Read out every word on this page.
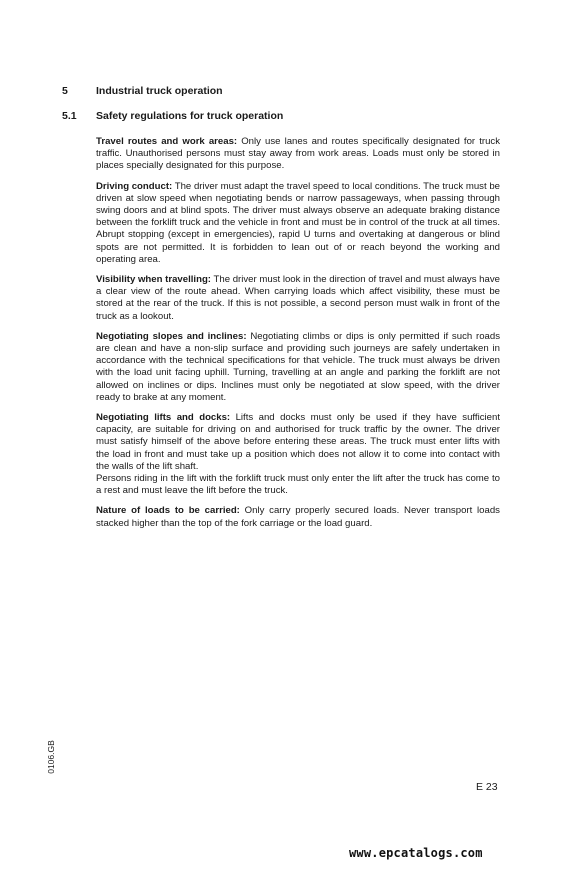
5	Industrial truck operation
5.1 Safety regulations for truck operation

Travel routes and work areas: Only use lanes and routes specifically designated for truck traffic. Unauthorised persons must stay away from work areas. Loads must only be stored in places specially designated for this purpose.

Driving conduct: The driver must adapt the travel speed to local conditions. The truck must be driven at slow speed when negotiating bends or narrow passageways, when passing through swing doors and at blind spots. The driver must always observe an adequate braking distance between the forklift truck and the vehicle in front and must be in control of the truck at all times. Abrupt stopping (except in emergencies), rapid U turns and overtaking at dangerous or blind spots are not permitted. It is forbidden to lean out of or reach beyond the working and operating area.

Visibility when travelling: The driver must look in the direction of travel and must always have a clear view of the route ahead. When carrying loads which affect visibility, these must be stored at the rear of the truck. If this is not possible, a second person must walk in front of the truck as a lookout.

Negotiating slopes and inclines: Negotiating climbs or dips is only permitted if such roads are clean and have a non-slip surface and providing such journeys are safely undertaken in accordance with the technical specifications for that vehicle. The truck must always be driven with the load unit facing uphill. Turning, travelling at an angle and parking the forklift are not allowed on inclines or dips. Inclines must only be negotiated at slow speed, with the driver ready to brake at any moment.

Negotiating lifts and docks: Lifts and docks must only be used if they have sufficient capacity, are suitable for driving on and authorised for truck traffic by the owner. The driver must satisfy himself of the above before entering these areas. The truck must enter lifts with the load in front and must take up a position which does not allow it to come into contact with the walls of the lift shaft.
Persons riding in the lift with the forklift truck must only enter the lift after the truck has come to a rest and must leave the lift before the truck.

Nature of loads to be carried: Only carry properly secured loads. Never transport loads stacked higher than the top of the fork carriage or the load guard.

0106.GB
E 23
www.epcatalogs.com
